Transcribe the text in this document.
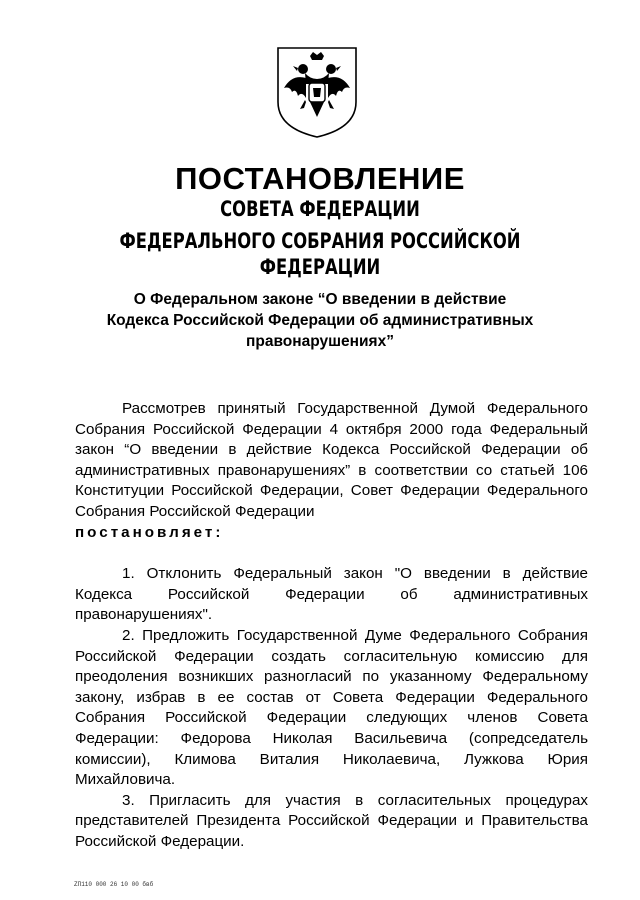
ПОСТАНОВЛЕНИЕ
СОВЕТА ФЕДЕРАЦИИ
ФЕДЕРАЛЬНОГО СОБРАНИЯ РОССИЙСКОЙ ФЕДЕРАЦИИ
О Федеральном законе “О введении в действие
Кодекса Российской Федерации об административных
правонарушениях”

Рассмотрев принятый Государственной Думой Федерального Собрания Российской Федерации 4 октября 2000 года Федеральный закон “О введении в действие Кодекса Российской Федерации об административных правонарушениях” в соответствии со статьей 106 Конституции Российской Федерации, Совет Федерации Федерального Собрания Российской Федерации

постановляет:

1. Отклонить Федеральный закон "О введении в действие Кодекса Российской Федерации об административных правонарушениях".

2. Предложить Государственной Думе Федерального Собрания Российской Федерации создать согласительную комиссию для преодоления возникших разногласий по указанному Федеральному закону, избрав в ее состав от Совета Федерации Федерального Собрания Российской Федерации следующих членов Совета Федерации: Федорова Николая Васильевича (сопредседатель комиссии), Климова Виталия Николаевича, Лужкова Юрия Михайловича.

3. Пригласить для участия в согласительных процедурах представителей Президента Российской Федерации и Правительства Российской Федерации.

ZП110 000 26 10 00 бвб
